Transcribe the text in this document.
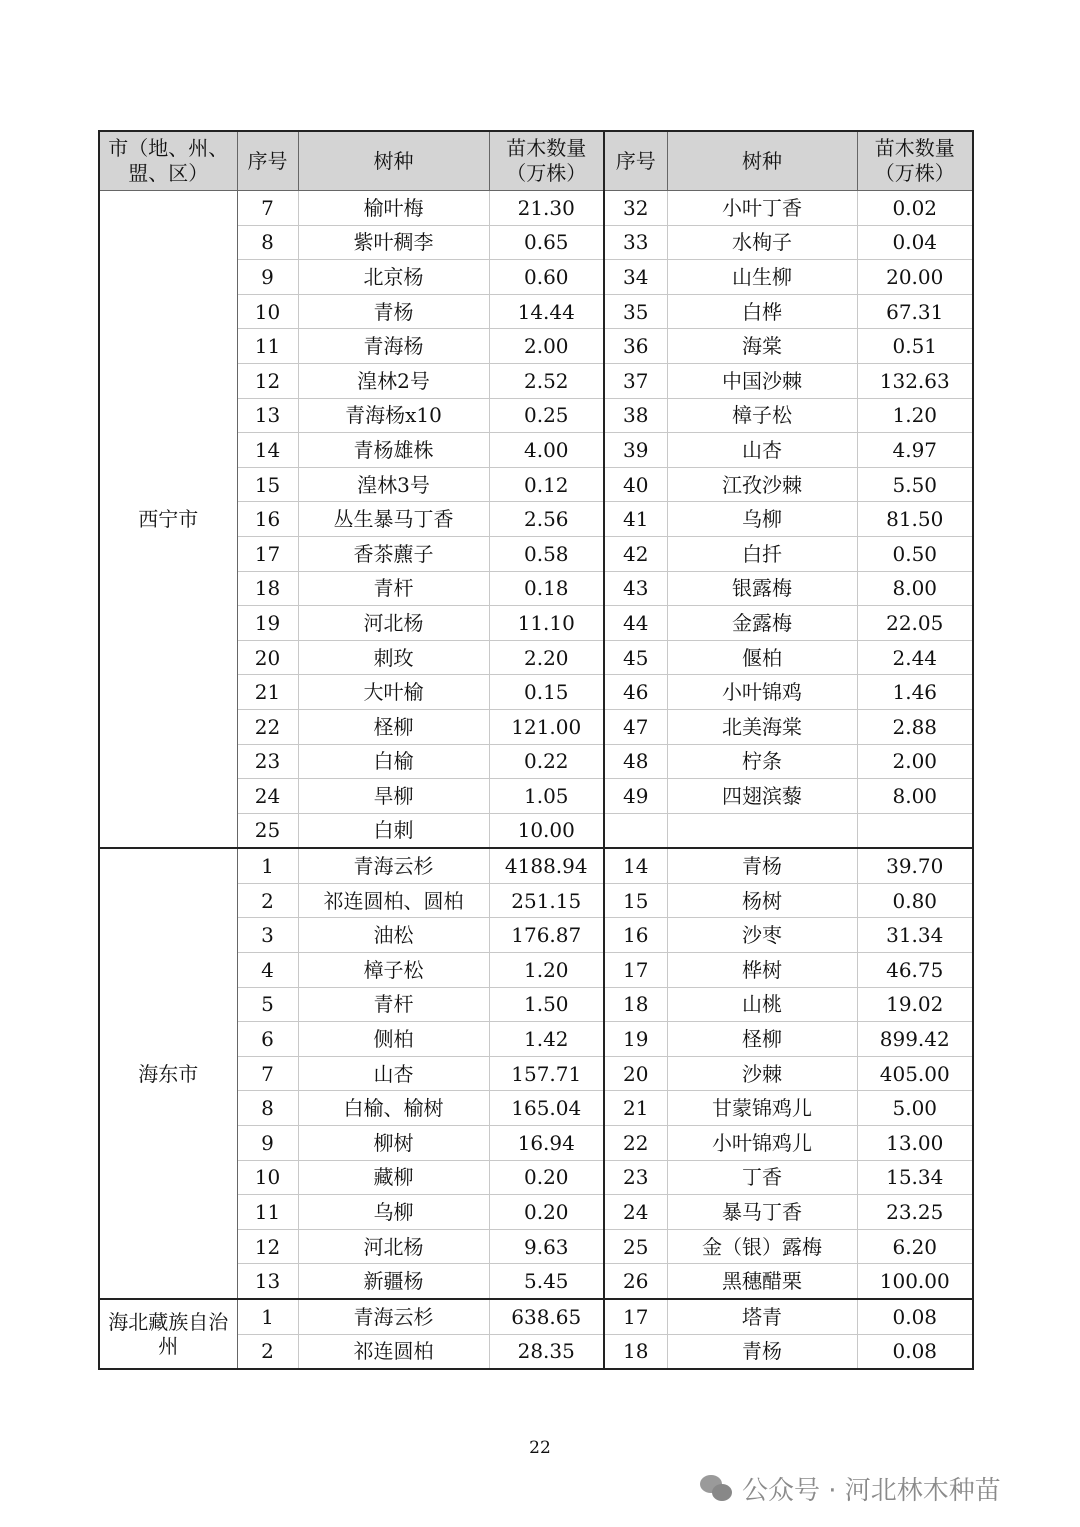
市（地、州、盟、区）	序号	树种	苗木数量（万株）	序号	树种	苗木数量（万株）
西宁市	7	榆叶梅	21.30	32	小叶丁香	0.02
	8	紫叶稠李	0.65	33	水栒子	0.04
	9	北京杨	0.60	34	山生柳	20.00
	10	青杨	14.44	35	白桦	67.31
	11	青海杨	2.00	36	海棠	0.51
	12	湟林2号	2.52	37	中国沙棘	132.63
	13	青海杨x10	0.25	38	樟子松	1.20
	14	青杨雄株	4.00	39	山杏	4.97
	15	湟林3号	0.12	40	江孜沙棘	5.50
	16	丛生暴马丁香	2.56	41	乌柳	81.50
	17	香茶藨子	0.58	42	白扦	0.50
	18	青杆	0.18	43	银露梅	8.00
	19	河北杨	11.10	44	金露梅	22.05
	20	刺玫	2.20	45	偃柏	2.44
	21	大叶榆	0.15	46	小叶锦鸡	1.46
	22	柽柳	121.00	47	北美海棠	2.88
	23	白榆	0.22	48	柠条	2.00
	24	旱柳	1.05	49	四翅滨藜	8.00
	25	白刺	10.00			
海东市	1	青海云杉	4188.94	14	青杨	39.70
	2	祁连圆柏、圆柏	251.15	15	杨树	0.80
	3	油松	176.87	16	沙枣	31.34
	4	樟子松	1.20	17	桦树	46.75
	5	青杆	1.50	18	山桃	19.02
	6	侧柏	1.42	19	柽柳	899.42
	7	山杏	157.71	20	沙棘	405.00
	8	白榆、榆树	165.04	21	甘蒙锦鸡儿	5.00
	9	柳树	16.94	22	小叶锦鸡儿	13.00
	10	藏柳	0.20	23	丁香	15.34
	11	乌柳	0.20	24	暴马丁香	23.25
	12	河北杨	9.63	25	金（银）露梅	6.20
	13	新疆杨	5.45	26	黑穗醋栗	100.00
海北藏族自治州	1	青海云杉	638.65	17	塔青	0.08
	2	祁连圆柏	28.35	18	青杨	0.08
22
公众号 · 河北林木种苗
